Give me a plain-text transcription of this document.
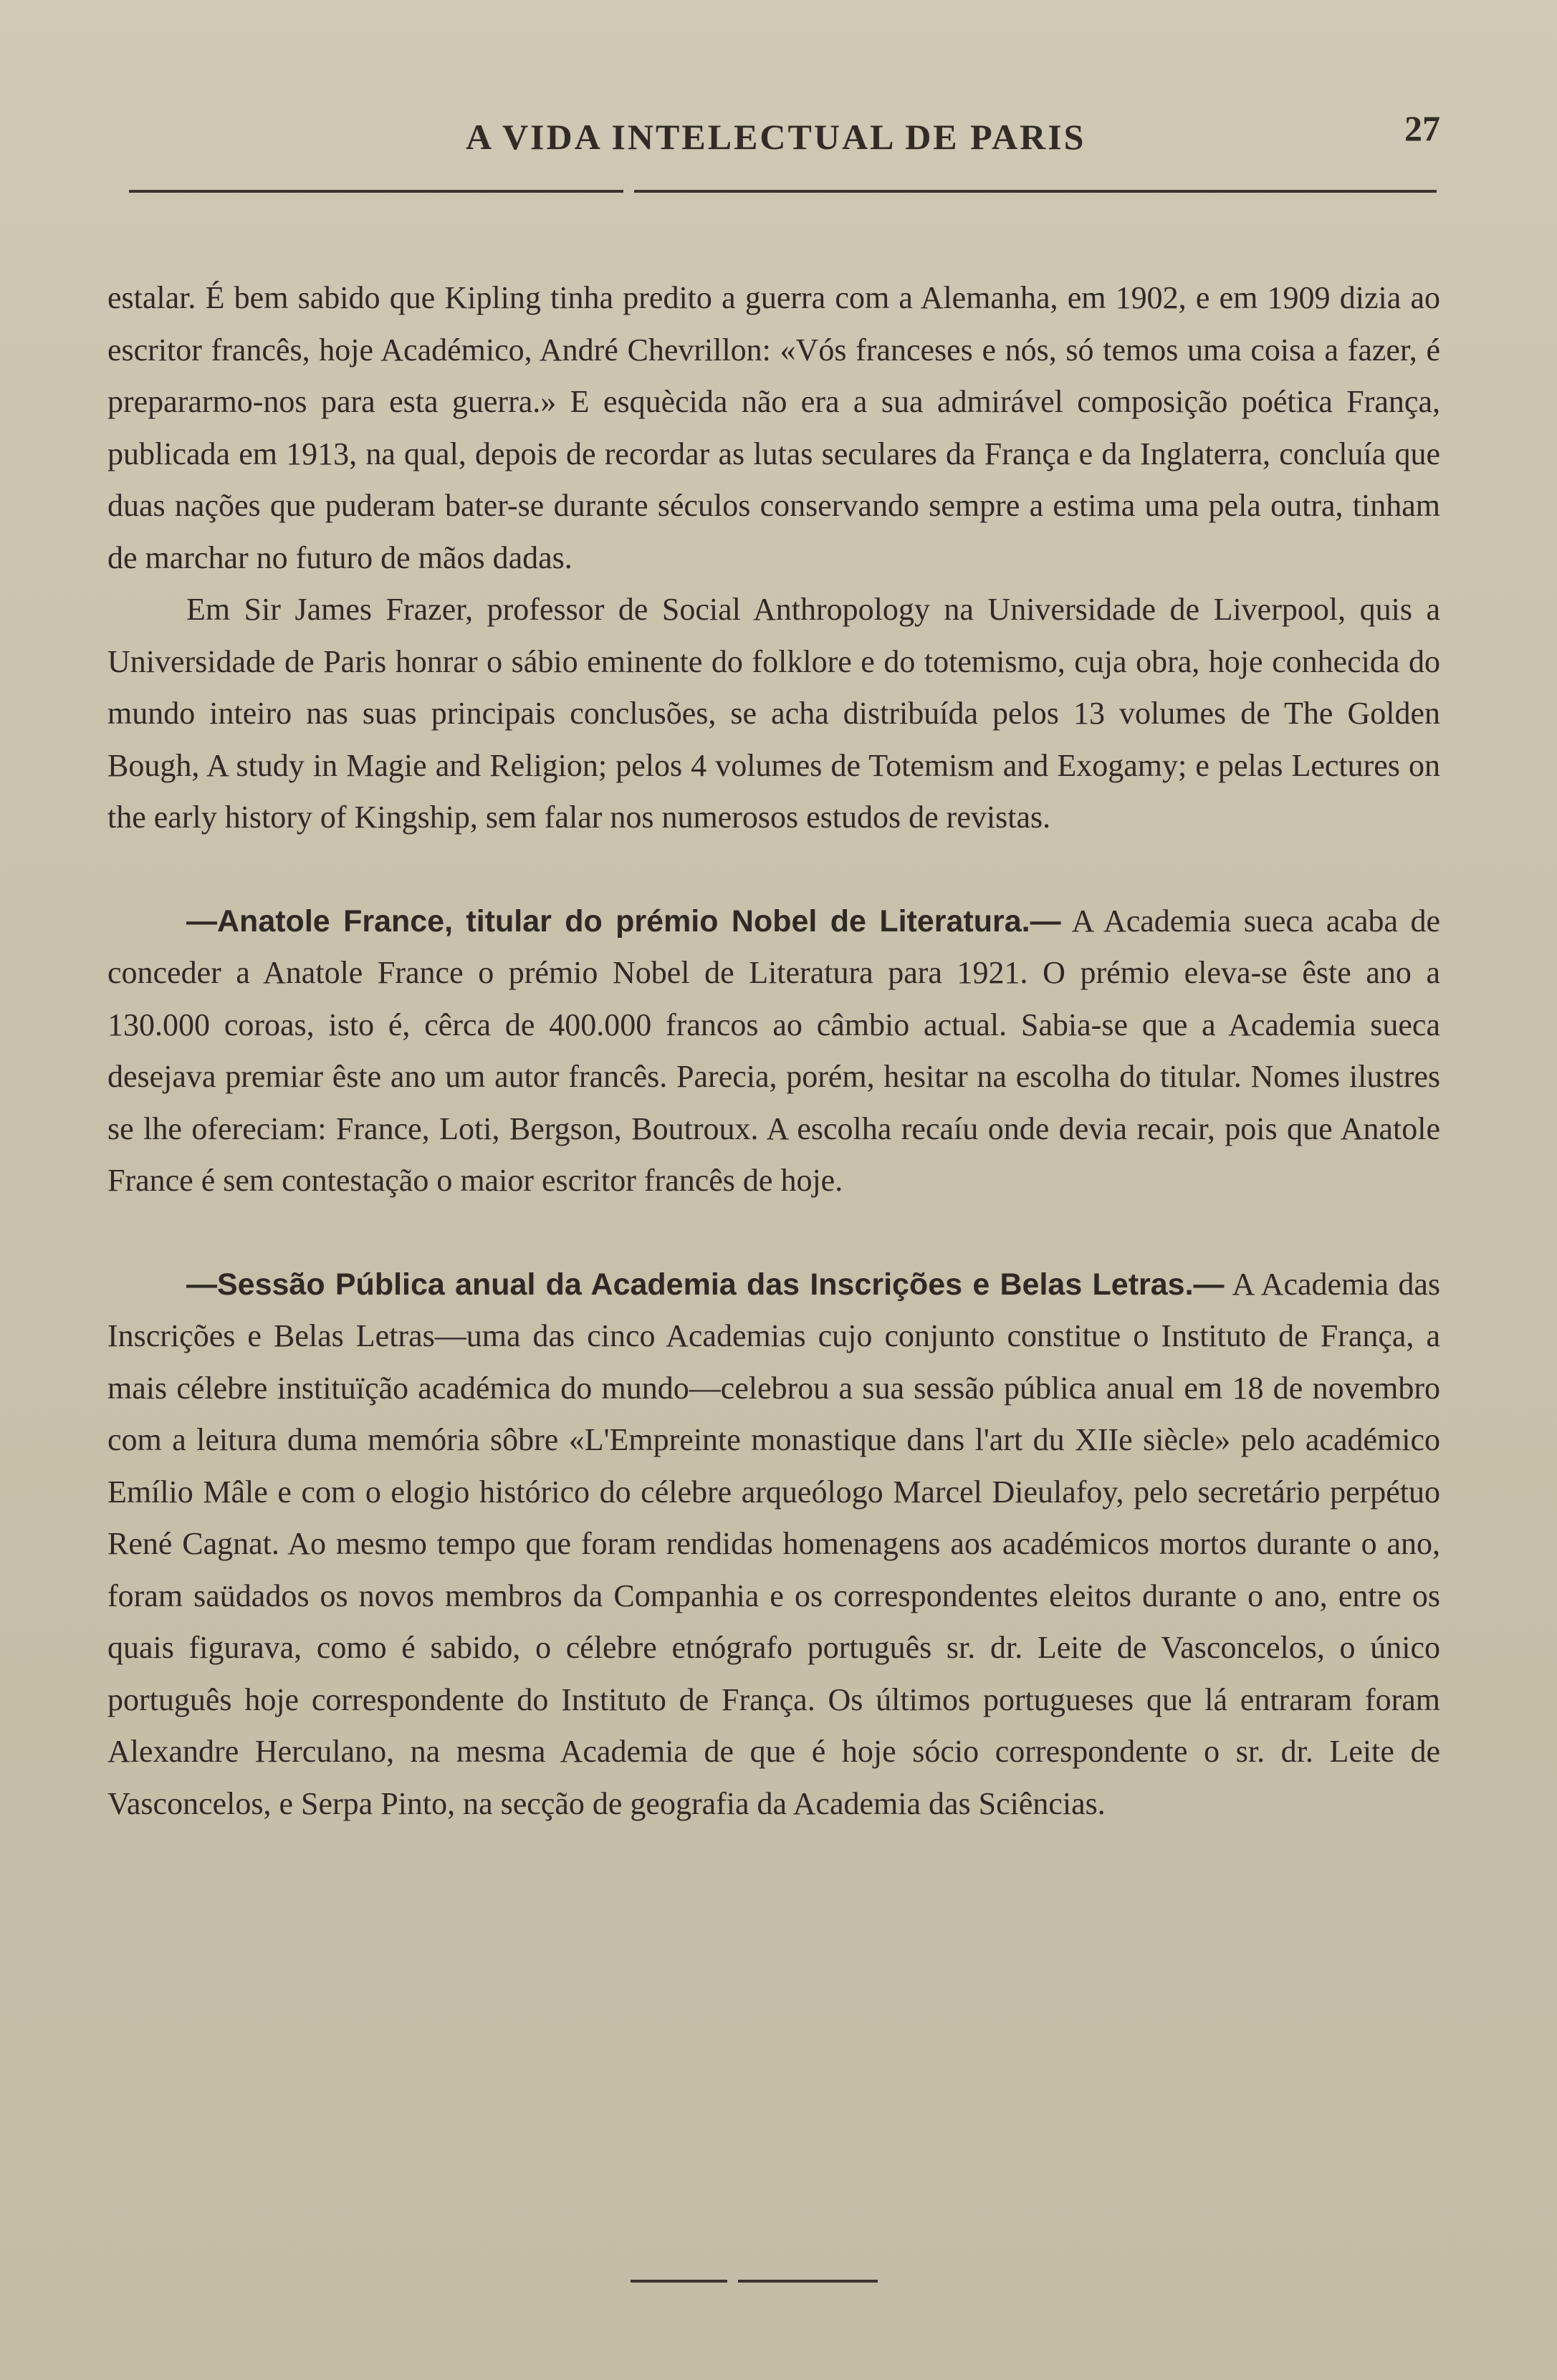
A VIDA INTELECTUAL DE PARIS	27

estalar. É bem sabido que Kipling tinha predito a guerra com a Alemanha, em 1902, e em 1909 dizia ao escritor francês, hoje Académico, André Chevrillon: «Vós franceses e nós, só temos uma coisa a fazer, é prepararmo-nos para esta guerra.» E esquècida não era a sua admirável composição poética França, publicada em 1913, na qual, depois de recordar as lutas seculares da França e da Inglaterra, concluía que duas nações que puderam bater-se durante séculos conservando sempre a estima uma pela outra, tinham de marchar no futuro de mãos dadas.

Em Sir James Frazer, professor de Social Anthropology na Universidade de Liverpool, quis a Universidade de Paris honrar o sábio eminente do folklore e do totemismo, cuja obra, hoje conhecida do mundo inteiro nas suas principais conclusões, se acha distribuída pelos 13 volumes de The Golden Bough, A study in Magie and Religion; pelos 4 volumes de Totemism and Exogamy; e pelas Lectures on the early history of Kingship, sem falar nos numerosos estudos de revistas.

—Anatole France, titular do prémio Nobel de Literatura.— A Academia sueca acaba de conceder a Anatole France o prémio Nobel de Literatura para 1921. O prémio eleva-se êste ano a 130.000 coroas, isto é, cêrca de 400.000 francos ao câmbio actual. Sabia-se que a Academia sueca desejava premiar êste ano um autor francês. Parecia, porém, hesitar na escolha do titular. Nomes ilustres se lhe ofereciam: France, Loti, Bergson, Boutroux. A escolha recaíu onde devia recair, pois que Anatole France é sem contestação o maior escritor francês de hoje.

—Sessão Pública anual da Academia das Inscrições e Belas Letras.— A Academia das Inscrições e Belas Letras—uma das cinco Academias cujo conjunto constitue o Instituto de França, a mais célebre instituïção académica do mundo—celebrou a sua sessão pública anual em 18 de novembro com a leitura duma memória sôbre «L'Empreinte monastique dans l'art du XIIe siècle» pelo académico Emílio Mâle e com o elogio histórico do célebre arqueólogo Marcel Dieulafoy, pelo secretário perpétuo René Cagnat. Ao mesmo tempo que foram rendidas homenagens aos académicos mortos durante o ano, foram saüdados os novos membros da Companhia e os correspondentes eleitos durante o ano, entre os quais figurava, como é sabido, o célebre etnógrafo português sr. dr. Leite de Vasconcelos, o único português hoje correspondente do Instituto de França. Os últimos portugueses que lá entraram foram Alexandre Herculano, na mesma Academia de que é hoje sócio correspondente o sr. dr. Leite de Vasconcelos, e Serpa Pinto, na secção de geografia da Academia das Sciências.
